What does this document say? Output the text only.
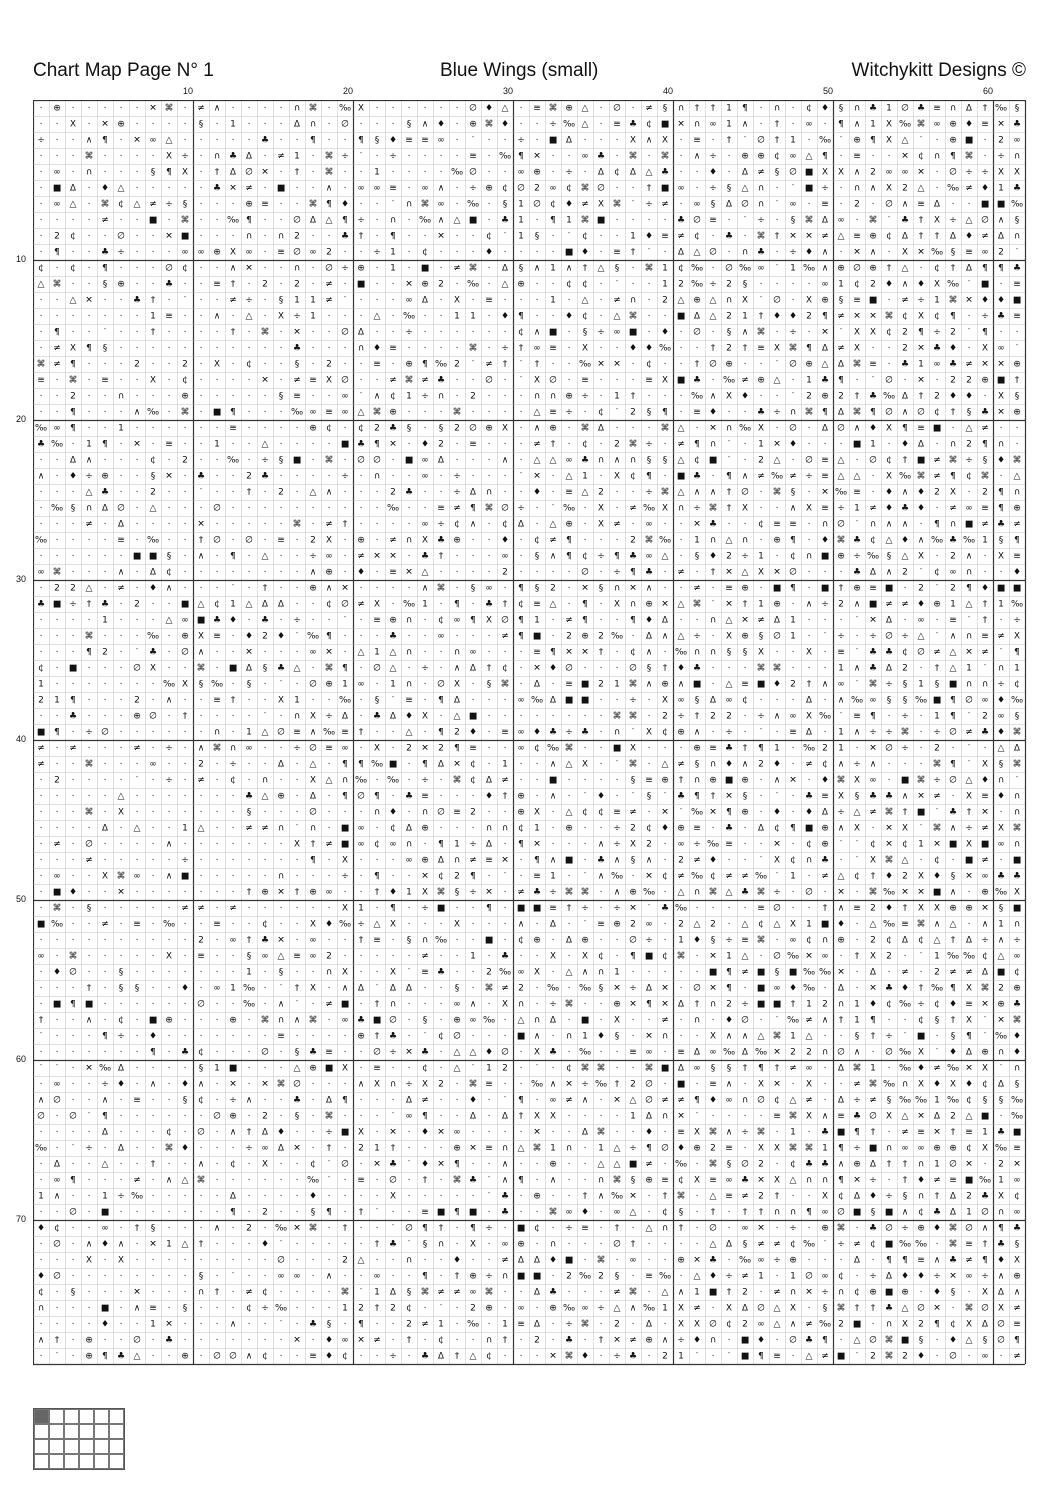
Chart Map Page N° 1	Blue Wings (small)	Witchykitt Designs ©
10	20	30	40	50	60
10
20
30
40
50
60
70
· ⊕ · · · · · ✕ ⌘ · ≠ ∧ · · · · ∩ ⌘ · ‰ X · · · · · · ∅ ♦ △ · ≡ ⌘ ⊕ △ · ∅ · ≠ § ∩ † † 1 ¶ · ∩ · ¢ ♦ § ∩ ♣ 1 ∅ ♣ ≡ ∩ Δ † ‰ §
· · X · ✕ ⊕ · · · · § · 1 · · · Δ ∩ · ∅ · · · § ∧ ♦ · ⊕ ⌘ ♦ · · ÷ ‰ △ · ≡ ♣ ¢ ■ ✕ ∩ ∞ 1 ∧ · † · ∞ · ¶ ∧ 1 X ‰ ⌘ ∞ ⊕ ♦ ≡ ✕ ♣
÷ · · ∧ ¶ · ✕ ∞ △ · · · · · ♣ · · ¶ · · ¶ § ♦ ≡ ≡ ∞ · ′ · · ÷ · ■ Δ · · · X ∧ X · ≡ · † ′ ∅ † 1 · ‰ ′ ⊕ ¶ X △ ′ · ⊕ ■ · 2 ∞
· · · ⌘ · · · · X ÷ · ∩ ♣ Δ · ≠ 1 · ⌘ ÷ ′ · ÷ · · · · ≡ · ‰ ¶ ✕ · · ∞ ♣ · ⌘ · ⌘ · ∧ ÷ · ⊕ ⊕ ¢ ∞ △ ¶ · ≡ · · ✕ ¢ ∩ ¶ ⌘ · ÷ ∩
· ∞ · ∩ · · · § ¶ X · † Δ ∅ ✕ · † · ⌘ · · 1 · · · · ‰ ∅ · · ∞ ⊕ · ÷ · Δ ¢ Δ △ ♣ · · ♦ · Δ ≠ § ∅ ■ X X ∧ 2 ∞ ∞ ✕ · ∅ ÷ ÷ X X
· ■ Δ · ♦ △ · · · · · ♣ ✕ ≠ · ■ · · ∧ · ∞ ∞ ≡ · ∞ ∧ · ÷ ⊕ ¢ ∅ 2 ∞ ¢ ⌘ ∅ · · † ■ ∞ · ÷ § △ ∩ · ′ ■ ÷ · ∩ ∧ X 2 △ · ‰ ≠ ♦ 1 ♣
· ∞ △ · ⌘ ¢ △ ≠ ÷ § · · · ⊕ ≡ · · ⌘ ¶ ♦ · · ′ ∩ ⌘ ∞ · ‰ · § 1 ∅ ¢ ♦ ≠ X ⌘ ′ ÷ ≠ · ∞ § Δ ∅ ∩ ′ ∞ · ≡ · 2 · ∅ ∧ ≡ Δ · · ■ ■ ‰
· · · · ≠ · · ■ · ⌘ · · ‰ ¶ · · ∅ Δ △ ¶ ÷ · ∩ · ‰ ∧ △ ■ · ♣ 1 · ¶ 1 ⌘ ■ · · · · ♣ ∅ ≡ · ′ ÷ · § ⌘ Δ ∞ · ⌘ ′ ♣ † X ÷ △ ∅ ∧ §
· 2 ¢ · · ∅ · · ✕ ■ · · · ∩ · ∩ 2 · · ♣ † · ¶ · · ✕ · · ¢ ′ 1 § · ′ ¢ · · 1 ♦ ≡ ≠ ¢ · ♣ · ⌘ † ✕ ✕ ≠ △ ≡ ⊕ ¢ Δ † † Δ ♦ ≠ Δ ∩
· ¶ · · ♣ ÷ · · · ∞ ∞ ⊕ X ∞ · ≡ ∅ ∞ 2 · · ÷ 1 · ¢ · · · ♦ · · · · ■ ♦ · ≡ † ′ · Δ △ ∅ · ∩ ♣ · ÷ ♦ ∧ · ✕ ∧ · X ✕ ‰ § ≡ ∞ 2 ′
¢ · ¢ · ¶ · · · ∅ ¢ · · ∧ ✕ · · ∩ · ∅ ÷ ⊕ · 1 · ■ · ≠ ⌘ · Δ § ∧ 1 ∧ † △ § · ⌘ 1 ¢ ‰ · ∅ ‰ ∞ ′ 1 ‰ ∧ ⊕ ∅ ⊕ † △ · ¢ † Δ ¶ ¶ ♣
△ ⌘ · · § ⊕ · · ♣ · · ≡ † · 2 · 2 · ≠ · ■ · · ✕ ⊕ 2 · ‰ · △ ⊕ · · ¢ ¢ · ′ · · 1 2 ‰ ÷ 2 § · · · · ∞ 1 ¢ 2 ♦ ∧ ♦ X ‰ ′ ■ · ≡
· · △ ✕ · · ♣ † · ′ · · ≠ ÷ · § 1 1 ≠ ′ · · · ∞ Δ · X · ≡ · · · 1 · △ · ≠ ∩ · 2 △ ⊕ △ ∩ X ′ ∅ · X ⊕ § ≡ ■ · ≠ ÷ 1 ⌘ ✕ ♦ ♦ ■
· · · · · · · 1 ≡ · · ∧ · △ · X ÷ 1 · · · △ · ‰ · · 1 1 · ♦ ¶ · · ♦ ¢ · △ ⌘ · · ■ Δ △ 2 1 † ♦ ♦ 2 ¶ ≠ ✕ ✕ ⌘ ¢ X ¢ ¶ · ÷ ♣ ≡
· ¶ · · ′ · · † · · · · † · ⌘ · ✕ · · ∅ Δ · · ÷ · · · · · · ¢ ∧ ■ · § ÷ ∞ ■ · ♦ · ∅ · § ∧ ⌘ · ÷ · ✕ ′ X X ¢ 2 ¶ ÷ 2 ′ ¶ · ·
· ≠ X ¶ § · · · · · · · · · · · ♣ · · · ∩ ♦ ≡ · · · · ⌘ · ÷ † ∞ ≡ · X · · ♦ ♦ ‰ · · † 2 † ≡ X ⌘ ¶ Δ ≠ X · · 2 ✕ ♣ ♦ · X ∞ ′
⌘ ≠ ¶ · · · 2 · · 2 · X · ¢ · · § · 2 · · ≡ · ⊕ ¶ ‰ 2 ′ ≠ † ′ † · · ‰ ✕ ✕ · ¢ · · † ∅ ⊕ · · ′ ∅ ⊕ △ Δ ⌘ ≡ · ♣ 1 ∞ ♣ ≠ ✕ ✕ ⊕
≡ · ⌘ · ≡ · · X · ¢ · · · · ✕ · ≠ ≡ X ∅ · · ≠ ⌘ ≠ ♣ · · ∅ · ′ X ∅ · ≡ · · · ≡ X ■ ♣ · ‰ ≠ ⊕ △ · 1 ♣ ¶ · ′ ∅ · ✕ · 2 2 ⊕ ■ †
· · 2 · · ∩ · · · ⊕ · · · · · § ≡ · · ∞ ′ ∧ ¢ 1 ÷ ∩ · 2 · · · ∩ ∩ ⊕ ÷ · 1 † · · · ‰ ∧ X ♦ · · ′ 2 ⊕ 2 † ♣ ‰ Δ † 2 ♦ ♦ · X §
· · ¶ · · · ∧ ‰ · ⌘ · ■ ¶ · · · ‰ ∞ ≡ ∞ △ ⌘ ⊕ · · · ⌘ · · · · △ ≡ ÷ · ¢ ′ 2 § ¶ · ≡ ♦ · · ♣ ÷ ∩ ⌘ ¶ Δ ⌘ ¶ ∅ ∧ ∅ ¢ † § ♣ ✕ ⊕
‰ ∞ ¶ · · 1 · · · · · · ≡ · · · · ⊕ ¢ · ¢ 2 ♣ § · § 2 ∅ ⊕ X · ∧ ⊕ · ⌘ Δ · · · ⌘ △ · ✕ ∩ ‰ X · ∅ · Δ ∅ ∧ ♦ X ¶ ≡ ■ · △ ≠ · ·
♣ ‰ · 1 ¶ · ✕ · ≡ · · 1 · · △ · · · · ■ ♣ ¶ ✕ · ♦ 2 · ≡ · · · ≠ † · ¢ · 2 ⌘ ÷ · ≠ ¶ ∩ ′ · 1 ✕ ♦ · · · ■ 1 · ♦ Δ · ∩ 2 ¶ ∩ ·
· · Δ ∧ · · · ¢ · 2 · · ‰ · ÷ § ■ · ⌘ · ∅ ∅ · ■ ∞ Δ · · · ∧ · △ △ ∞ ♣ ∩ ∧ ∩ § § △ ¢ ■ ′ · 2 △ · ∅ ≡ △ · ∅ ¢ † ■ ≠ ⌘ ÷ § ♦ ⌘
∧ · ♦ ÷ ⊕ · · § ✕ · ♣ · · 2 ♣ · · · · ÷ · ∩ · · ∞ · ÷ · · · ′ ✕ · △ 1 · X ¢ ¶ · ■ ♣ · ¶ ∧ ≠ ‰ ≠ ÷ ≡ △ △ · X ‰ ⌘ ≠ ¶ ¢ ⌘ · △
· · · △ ♣ · · 2 · · ′ · · † · 2 · △ ∧ · · · 2 ♣ · · ÷ Δ ∩ · · ♦ · ≡ △ 2 · · ÷ ⌘ △ ∧ ∧ † ∅ · ⌘ § · ✕ ‰ ≡ · ♦ ∧ ♦ 2 X · 2 ¶ ∩
· ‰ § ∩ Δ ∅ · △ · · · ∅ · · · · · · · · · · ‰ · · ≡ ≠ ¶ ⌘ ∅ ÷ · ′ ‰ · X · ≠ ‰ X ∩ ÷ ⌘ † X · · ∧ X ≡ ÷ 1 ≠ ♦ ♣ ♦ · ≠ ∞ ≡ ¶ ⊕
· · · ≠ · Δ · · · · ✕ · · · · · ⌘ · ≠ † · · · · ∞ ÷ ¢ ∧ · ¢ Δ · △ ⊕ · X ≠ · ∞ · · ✕ ♣ · · ¢ ≡ ≡ · ∩ ∅ ′ ∩ ∧ ∧ · ¶ ∩ ■ ≠ ♣ ≠
‰ · · · · ≡ · ‰ · · † ∅ · ∅ · ≡ · 2 X · ⊕ · ≠ ∩ X ♣ ⊕ · · ♦ · ¢ ≠ ¶ · · · 2 ⌘ ‰ · 1 ∩ △ ∩ · ⊕ ¶ · ♦ ⌘ ♣ ¢ △ ♦ ∧ ‰ ♣ ‰ 1 § ¶
· · · · · · ■ ■ § · ∧ · ¶ · △ · · ÷ ∞ · ≠ ✕ ✕ · ♣ † · · · ∞ · § ∧ ¶ ¢ ÷ ¶ ♣ ∞ △ · § ♦ 2 ÷ 1 · ¢ ∩ ■ ⊕ ÷ ‰ § △ X · 2 ∧ · X ≡
∞ ⌘ · · · ∧ · Δ ¢ · · · · · · · · ∧ ⊕ · ♦ · ≡ ✕ △ · · · · 2 · · · · ∅ · ÷ ¶ ♣ · ≠ · † ✕ △ X ✕ ∅ · · · ♣ Δ ∧ 2 ′ ¢ ∞ ∩ · · ♦
· 2 2 △ · ≠ · ♦ ∧ · · · ′ · † · · ⊕ ∧ ✕ · · · · ∧ ⌘ · § ∞ · ¶ § 2 · ✕ § ∩ ✕ ∧ · · ≠ · ≡ ⊕ · ■ ¶ · ■ † ⊕ ≡ ■ · 2 ′ 2 ¶ ♦ ■ ■
♣ ■ ÷ † ♣ · 2 · · ■ △ ¢ 1 △ Δ Δ · · ¢ ∅ ≠ X · ‰ 1 · ¶ · ♣ † ¢ ≡ △ · ¶ · X ∩ ⊕ ✕ △ ⌘ ′ ✕ † 1 ⊕ · ∧ ÷ 2 ∧ ■ ≠ ≠ ♦ ⊕ 1 △ † 1 ‰
· · · · 1 · · · △ ∞ ■ ♣ ♦ · ♣ · ÷ · · ′ · ≡ ⊕ ∩ · ¢ ∞ ¶ X ∅ ¶ 1 · ≠ ¶ · · ¶ ♦ Δ · · ∩ △ ✕ ≠ Δ 1 · · · ′ ✕ Δ · ∞ · ≡ ′ † · ÷
· · · ⌘ · · · ‰ · ⊕ X ≡ · ♦ 2 ♦ ′ ‰ ¶ · · · ♣ · · ∞ · · · ≠ ¶ ■ · 2 ⊕ 2 ‰ · Δ ∧ △ ÷ · X ⊕ § ∅ 1 · ′ ÷ · ÷ ∅ ÷ △ ′ ∧ ∩ ≡ ≠ X
· · · ¶ 2 · ′ ♣ · ∅ ∧ · · ✕ · · · ∞ ✕ · △ 1 △ ∩ · · ∩ ∞ · · · ≡ ¶ ✕ ✕ † · ¢ ∧ · ‰ ∩ ∩ § § X · · X · ≡ ′ ♣ ♣ ¢ ∅ ≠ △ ✕ ≠ ′ ¶
¢ · ■ · · · ∅ X · · ⌘ · ■ Δ § ♣ △ · ⌘ ¶ · ∅ △ · ÷ · ∧ Δ † ¢ · ✕ ♦ ∅ · · · ∅ § † ♦ ♣ · · · ⌘ ⌘ · · · 1 ∧ ♣ Δ 2 · † △ 1 ′ ∩ 1
1 · · · · · · · ‰ X § ‰ · § · ′ · ∅ ⊕ 1 ∞ · 1 ∩ · ∅ X · § ⌘ · Δ · ≡ ■ 2 1 ⌘ ∧ ⊕ ∧ ■ · △ ≡ ■ ♦ 2 † ∧ ∞ ′ ⌘ ÷ § 1 § ■ ∩ ∩ ÷ ¢
2 1 ¶ · · · 2 · ∧ · · ≡ † · · X 1 · · ‰ · § ′ ≡ · ¶ Δ · · · ∞ ‰ Δ ■ ■ · · ÷ · X ∞ § Δ ∞ ¢ · · · Δ · ∧ ‰ ∞ § § ‰ ■ ¶ ∅ ∞ ♦ ‰
· · ♣ · · · ⊕ ∅ · † · · · · ′ · ∩ X ÷ Δ · ♣ Δ ♦ X · △ ■ · · · · · · · · ⌘ ⌘ · 2 ÷ † 2 2 · ÷ ∧ ∞ X ‰ ′ ≡ ¶ · ÷ · 1 ¶ ′ 2 ∞ §
■ ¶ · ÷ ∅ · · · · · · ∩ · 1 △ ∅ ≡ ∧ ‰ ≡ † · · △ · ¶ 2 ♦ · ≡ ∞ ♦ ♣ ÷ ♣ · ∩ ′ X ¢ ⊕ ∧ · ÷ · ′ · ≡ Δ · 1 ∧ ÷ ÷ ⌘ · ÷ ∅ ≠ ♣ ♦ ⌘
≠ · ≠ · · · ≠ · ÷ · ∧ ⌘ ∩ ∞ · · ÷ ∅ ≡ ∞ · X · 2 ✕ 2 ¶ ≡ · · ∞ ¢ ‰ ⌘ · · ■ X · · · ⊕ ≡ ♣ † ¶ 1 · ‰ 2 1 · ✕ ∅ ÷ · 2 · ′ · △ Δ
≠ · · ⌘ · · · ∞ · · 2 · ÷ · · Δ · △ · ¶ ¶ ‰ ■ · ¶ Δ ✕ ¢ · 1 · · ∧ △ X · ′ ⌘ · △ ≠ § ∩ ♦ ∧ 2 ♦ · ≠ ¢ ∧ ÷ ∧ · · · ⌘ ¶ ′ X § ⌘
· 2 · · · · ′ · ÷ · ≠ · ¢ · ∩ · · X △ ∩ ‰ · ‰ · ÷ · ⌘ ¢ Δ ≠ · · ■ · · · · § ≡ ⊕ † ∩ ⊕ ■ ⊕ · ∧ ✕ · ♦ ⌘ X ∞ · ■ ⌘ ÷ ∅ △ ♦ ∩ ′
· · · · · △ · · · · · · · ♣ △ ⊕ · Δ · ¶ ∅ ¶ · ♣ ≡ · · · ♦ † ⊕ · ∧ · ′ ♦ · ′ § ′ ♣ ¶ † ✕ § · ′ · ♣ ≡ X § ♣ ♣ ∧ ✕ ≠ · X ≡ ♦ ∩
· · · ⌘ · X · · · · · · · § · · · ∅ · · · ∩ ♦ · ∩ ∅ ≡ 2 · · ⊕ X · △ ¢ ¢ ≡ ≠ · ✕ ′ ‰ ✕ ¶ ⊕ · ♦ · ♦ Δ ÷ △ ≠ ⌘ † ■ ′ ♣ † ✕ · ∩
· · · · Δ · △ · · 1 △ · · ≠ ≠ ∩ ′ ∩ · ■ ∞ · ¢ Δ ⊕ · · · ∩ ∩ ¢ 1 · ⊕ · · ÷ 2 ¢ ♦ ⊕ ≡ · ♣ · Δ ¢ ¶ ■ ⊕ ∧ X · ✕ X ′ ⌘ ∧ ÷ ≠ X ⌘
· ≠ · ∅ · · · · ∧ · · · · · · · X † ≠ ■ ∞ ¢ ∞ ∩ · ¶ 1 ÷ Δ · ¶ ✕ · · · ∧ ÷ X 2 · ∞ ÷ ‰ ≡ · · ✕ · ¢ ⊕ ′ ′ ¢ ✕ ¢ 1 ✕ ■ X ■ ∞ ∩
· · · ≠ · · · · · ÷ · · · · · · · ¶ · X · · · ∞ ⊕ Δ ∩ ≠ ≡ ✕ · ¶ ∧ ■ · ♣ ∧ § ∧ · 2 ≠ ♦ · · ′ X ¢ ∩ ♣ · ′ X ⌘ △ · ¢ · ■ ≠ · ■
· ∞ · · X ⌘ ∞ · ∧ ■ · · · · · ∩ · · · ÷ · ¶ · · ✕ ¢ 2 ¶ · ′ · ≡ 1 · ′ ∧ ‰ · ✕ ¢ ≠ ‰ ¢ ≠ ≠ ‰ ′ 1 · ≠ △ ¢ † ♦ 2 X ♦ § ✕ ∞ ♣ ♣
· ■ ♦ · · ✕ · · · · · · · † ⊕ ✕ † ⊕ ∞ · · † ♦ 1 X ⌘ § ÷ ✕ · ≠ ♣ ÷ ⌘ ⌘ · ∧ ⊕ ‰ · △ ∩ ⌘ △ ♣ ⌘ ÷ · ∅ · ✕ · ⌘ ‰ ✕ ✕ ■ ∧ · ⊕ ‰ X
· ⌘ · § · · · · · ≠ ≠ · ≠ · · · · · · X 1 · ¶ · ÷ ■ · · ¶ · ■ ■ ≡ † ÷ · ÷ ✕ ′ ♣ ‰ · · · · ≡ ∅ · · † ∧ ≡ 2 ♦ † X X ⊕ ⊕ ✕ § ■
■ ‰ · · ≠ · ≡ · ‰ · · ≡ · · ¢ · · X ♦ ‰ ÷ △ X · · · X · · · ∧ · Δ · ′ ≡ ⊕ 2 ∞ · 2 △ 2 · △ ¢ △ X 1 ■ ♦ · △ ‰ ≡ ⌘ ∧ △ · ∧ 1 ∩
· · · · · · · · · · 2 · ∞ † ♣ ✕ · ∞ · · † ≡ · § ∩ ‰ · · ■ · ¢ ⊕ · Δ ⊕ · · ∅ ÷ · 1 ♦ § ÷ ≡ ⌘ · ∞ ¢ ∩ ⊕ · 2 ¢ Δ ¢ △ † Δ ÷ ∧ ÷
∞ · ⌘ · · · · · X · ≡ · · § ∞ △ ≡ ∞ 2 · · · · · ≠ · · 1 · ♣ · · X · X ¢ · ¶ ■ ¢ ⌘ · ✕ 1 △ · ∅ ‰ ✕ ∞ · † X 2 · ′ 1 ‰ ‰ ¢ △ ∞
· ♦ ∅ · · § · · · · · · · 1 · § · · ∩ X · · X ′ ≡ ♣ · · 2 ‰ ∞ X · △ ∧ ∩ 1 · · · · · ■ ¶ ≠ ■ § ■ ‰ ‰ ✕ · Δ · ≠ · 2 ≠ ≠ Δ ■ ¢
· · · † · § § · · ♦ · ∞ 1 ‰ · ′ † X · ∧ Δ ′ Δ Δ · · § · ⌘ ≠ 2 · ‰ · ‰ § ✕ ÷ Δ ✕ · ∅ ✕ ¶ · ■ ∞ ♦ ‰ · Δ · ✕ ♣ ♦ † ‰ ¶ X ⌘ 2 ⊕
· ■ ¶ ■ · · · · · · ∅ · · ‰ · ∧ ′ · ≠ ■ · † ∩ · · · ∞ ∧ · X ∩ · ÷ ⌘ · · ⊕ ✕ ¶ ✕ Δ † ∩ 2 ÷ ■ ■ † 1 2 ∩ 1 ♦ ¢ ‰ ÷ ¢ ♦ ≡ ✕ ⊕ ♣
† · · ∧ · ¢ · ■ ⊕ · · · ⊕ · ⌘ ∩ ∧ ⌘ · ∞ ♣ ■ ∅ · § · ⊕ ∞ ‰ · △ ∩ Δ · ■ · X · · ≠ · ∩ · ♦ ∅ · ′ ‰ ≠ ∧ † 1 ¶ · · ¢ § † X ′ ✕ ⌘
′ · · · ¶ ÷ · ♦ · · · · · · · ≡ · · · · ⊕ † ♣ · ′ ¢ ∅ · · · ■ ∧ · ∩ 1 ♦ § · ✕ ∩ · · X ∧ ∧ △ ⌘ 1 △ · · § † ÷ ′ ■ · § ¶ ′ ‰ ♦
· · · · · · · ¶ · ♣ ¢ · · · ∅ · § ♣ ≡ · · ∅ ÷ ✕ ♣ · △ △ ♦ ∅ · X ♣ · ‰ · · ≡ ∞ · ≡ Δ ∞ ‰ Δ ‰ ✕ 2 2 ∩ ∅ ∧ · ∅ ‰ X ′ ♦ Δ ⊕ ∩ ♦
′ ′ · ✕ ‰ Δ · · · · § 1 ■ · · · △ ⊕ ■ X · ≡ · · ¢ · △ ′ 1 2 · ′ · ¢ ⌘ ⌘ · · ⌘ ■ Δ ∞ § § † ¶ † ≠ ∞ · Δ ⌘ 1 · ‰ ♦ ≠ ‰ ✕ X ′ ∩
· ∞ · · ÷ ♦ · ∧ · ♦ ∧ · ✕ · ✕ ⌘ ∅ · · · ∧ X ∩ ÷ X 2 · ⌘ ≡ · · ‰ ∧ ✕ ÷ ‰ † 2 ∅ · ■ · ≡ ∧ · X ✕ · X · · ≠ ⌘ ‰ ∩ X ♦ X ♦ ¢ Δ §
∧ ∅ · · ∧ · ≡ · · § ¢ · ÷ ∧ · · ♣ · Δ ¶ · · · Δ ≠ · · ♦ · ′ ¶ · ∞ ≠ ∧ · ✕ △ ∅ ≠ ≠ ¶ ♦ ∞ ∩ ∅ ¢ △ ≠ · Δ ÷ ≠ § ‰ ‰ 1 ‰ ¢ § § ‰
∅ · ∅ ′ ¶ · · · · · · ∅ ⊕ · 2 · § · ⌘ · · · ′ ∞ ¶ · · Δ · Δ † X X · · · · 1 Δ ∩ ✕ ′ · · · · ≡ ⌘ X ∧ ≡ ♣ ∅ X △ ✕ Δ 2 △ ■ · ‰
· · · · Δ · · · ¢ · ∅ · ∧ † Δ ♦ · · ÷ ■ X · ✕ · ♦ ✕ ∞ · · · · ✕ · · Δ ⌘ · · ♦ · ≡ X ⌘ ∧ ÷ ⌘ · 1 · ♣ ■ ¶ † · ≠ ≡ ✕ † ≡ 1 ♣ ■
‰ · ′ ÷ · Δ · · ⌘ ♦ · · · ÷ ∞ Δ ✕ · † · 2 1 † · · · ⊕ ✕ ≡ ∩ △ ⌘ 1 ∩ · 1 △ ÷ ¶ ∅ ♦ ⊕ 2 ≡ · X X ⌘ ⌘ 1 ¶ ÷ ■ ∩ ∞ ∞ ⊕ ⊕ ¢ X ‰ ≡
· Δ · · △ · · † · · ∧ · ¢ · X · · ¢ ′ ∅ · ✕ ♣ ′ ♦ ✕ ¶ · · ∧ · · ⊕ · · △ △ ■ ≠ · ‰ · ⌘ § ∅ 2 · ¢ ♣ ♣ ∧ ⊕ Δ † † ∩ 1 ∅ ✕ · 2 ✕
· ∞ ¶ · · · ≠ · ∧ △ ⌘ · · · · · · ‰ ′ · ≡ · ∅ · † · ⌘ ♣ ′ ∧ ¶ · ∧ · · ∩ ⌘ § ⊕ ≡ ¢ X ≡ ∞ ♣ ✕ X △ ∩ ∩ ¶ ✕ ÷ · † ♦ ≠ ≡ ■ ‰ 1 ∞
1 ∧ · · 1 ÷ ‰ · · · · · Δ · · · · ♦ · · · · X · · · · · ′ ♣ · ⊕ · · † ∧ ‰ ✕ · † ⌘ · △ ≡ ≠ 2 † · · X ¢ Δ ♦ ÷ § ∩ † Δ 2 ♣ X ¢
· · ∅ · ■ · · · · · · · ¶ · 2 · · § ¶ · † ′ · · ≡ ■ ¶ ■ · ♣ · · ⌘ ∞ ♦ · ∞ △ · ¢ § · † · † † ∩ ∩ ¶ ∞ ∅ ■ § ■ ∧ ¢ ♣ Δ 1 ∅ ∩ ∞
♦ ¢ · · ∞ · † § · · · ∧ · 2 · ‰ ✕ ⌘ · † · · ′ ∅ ¶ † · ¶ ÷ · ■ ¢ · ÷ ≡ · † · △ ∩ † · ∅ · ∞ ✕ · ÷ · ⊕ ⌘ · ♣ ∅ ÷ ⊕ ♦ ⌘ ∅ ∧ ¶ ♣
· ∅ · ∧ ♦ ∧ · ✕ 1 △ † · · · ♦ ′ · · · · · † ♣ ′ § ∩ · X · ∞ ⊕ · ∩ · · · ∅ † · · · · △ Δ § ≠ ≠ ¢ ‰ ′ ÷ ≠ ¢ ■ ‰ ‰ · ⌘ ≡ † ♣ §
· · · X · X · · · · · · · · · ∅ · · · 2 △ · · ∩ · · ♦ · · ≠ Δ Δ ♦ ■ · ⌘ · ∞ · · ⊕ ✕ ♣ · ‰ ∞ ÷ ⊕ · · · Δ · ¶ ¶ ≡ ∧ ♣ ≠ ¶ ♦ X
♦ ∅ · · · · · · · · § · ′ · · ∞ ∞ · ∧ · · ∞ · · ¶ · † ⊕ ÷ ∩ ■ ■ · 2 ‰ 2 § · ≡ ‰ · △ ♦ ÷ ≠ 1 · 1 ∅ ∞ ¢ · ÷ Δ ♦ ♦ ÷ ✕ ∞ ÷ ∧ ⊕
¢ · § · · · ✕ · · · ∩ † · ≠ ¢ · · · · ⌘ ′ 1 Δ § ⌘ ≠ ≠ ∞ ⌘ · · Δ ♣ · · · ≠ ⌘ · △ ∧ 1 ■ † 2 · ≠ ∩ ✕ ÷ ∩ ¢ ⊕ ■ ⊕ · ♦ § · X Δ ∧
∩ · · · ■ · ∧ ≡ · § · · · ¢ ÷ ‰ · · · 1 2 † 2 ¢ · ′ · 2 ⊕ · ∞ · ⊕ ‰ ∞ ÷ △ ∧ ‰ 1 X ≠ · X Δ ∅ △ X · § ⌘ † † ♣ △ ∅ ✕ · ⌘ ∅ X ≠
· · · · ♦ · · 1 ✕ · · · ∧ · · ′ · ♣ § · ¶ · · 2 ≠ 1 · ‰ · 1 ≡ Δ · ÷ ⌘ · 2 · Δ · X X ∅ ¢ 2 ∞ △ ∧ ≠ ‰ 2 ■ · ∩ X 2 ¶ ¢ X Δ ∅ ≡
∧ † · ⊕ · · ∅ · ♣ · · · · · · · ✕ · ♦ ∞ ✕ ≠ · † · ¢ · · ∩ † · 2 · ♣ · † ✕ ≠ ⊕ ∧ ÷ ♦ ∩ · ■ ♦ · ∅ ♣ ¶ · △ ∅ ⌘ ■ § · ♦ △ § ∅ ¶
· ′ · ⊕ ¶ ♣ △ · · ⊕ · ∅ ∅ ∧ ¢ · · ≡ ♦ ¢ · · ÷ · ♣ Δ † △ ¢ · · · ✕ ⌘ ♦ · ÷ ♣ · 2 1 ′ · ′ ■ ¶ ≡ · △ ≠ ■ ′ 2 ⌘ 2 ♦ · ∅ · ∞ · ≠
